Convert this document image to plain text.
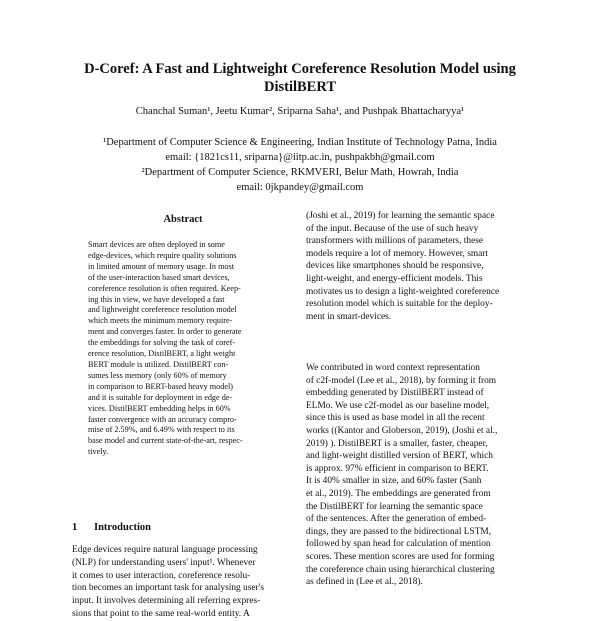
D-Coref: A Fast and Lightweight Coreference Resolution Model using
DistilBERT
Chanchal Suman¹, Jeetu Kumar², Sriparna Saha¹, and Pushpak Bhattacharyya¹
¹Department of Computer Science & Engineering, Indian Institute of Technology Patna, India
email: {1821cs11, sriparna}@iitp.ac.in, pushpakbh@gmail.com
²Department of Computer Science, RKMVERI, Belur Math, Howrah, India
email: 0jkpandey@gmail.com
Abstract
Smart devices are often deployed in some
edge-devices, which require quality solutions
in limited amount of memory usage. In most
of the user-interaction based smart devices,
coreference resolution is often required. Keep-
ing this in view, we have developed a fast
and lightweight coreference resolution model
which meets the minimum memory require-
ment and converges faster. In order to generate
the embeddings for solving the task of coref-
erence resolution, DistilBERT, a light weight
BERT module is utilized. DistilBERT con-
sumes less memory (only 60% of memory
in comparison to BERT-based heavy model)
and it is suitable for deployment in edge de-
vices. DistilBERT embedding helps in 60%
faster convergence with an accuracy compro-
mise of 2.59%, and 6.49% with respect to its
base model and current state-of-the-art, respec-
tively.
1 Introduction
Edge devices require natural language processing
(NLP) for understanding users' input¹. Whenever
it comes to user interaction, coreference resolu-
tion becomes an important task for analysing user's
input. It involves determining all referring expres-
sions that point to the same real-world entity. A
(Joshi et al., 2019) for learning the semantic space
of the input. Because of the use of such heavy
transformers with millions of parameters, these
models require a lot of memory. However, smart
devices like smartphones should be responsive,
light-weight, and energy-efficient models. This
motivates us to design a light-weighted coreference
resolution model which is suitable for the deploy-
ment in smart-devices.
We contributed in word context representation
of c2f-model (Lee et al., 2018), by forming it from
embedding generated by DistilBERT instead of
ELMo. We use c2f-model as our baseline model,
since this is used as base model in all the recent
works ((Kantor and Globerson, 2019), (Joshi et al.,
2019) ). DistilBERT is a smaller, faster, cheaper,
and light-weight distilled version of BERT, which
is approx. 97% efficient in comparison to BERT.
It is 40% smaller in size, and 60% faster (Sanh
et al., 2019). The embeddings are generated from
the DistilBERT for learning the semantic space
of the sentences. After the generation of embed-
dings, they are passed to the bidirectional LSTM,
followed by span head for calculation of mention
scores. These mention scores are used for forming
the coreference chain using hierarchical clustering
as defined in (Lee et al., 2018).
